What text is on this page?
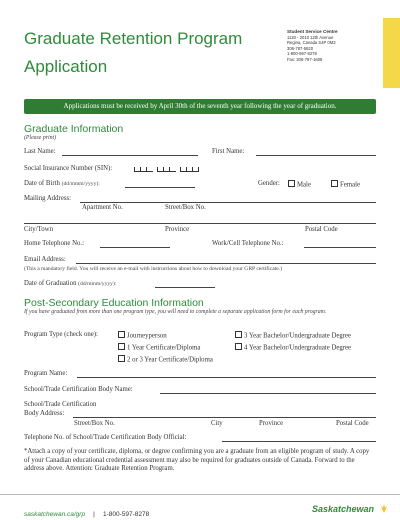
Graduate Retention Program
Application
Student Service Centre
1120 - 2010 12th Avenue
Regina, Canada S4P 0M3
306-787-5620
1-800-597-8278
Fax: 306-787-1608
Applications must be received by April 30th of the seventh year following the year of graduation.
Graduate Information
(Please print)
Last Name:	First Name:
Social Insurance Number (SIN):
Date of Birth (dd/mmm/yyyy):	Gender:	Male	Female
Mailing Address:
Apartment No.	Street/Box No.
City/Town	Province	Postal Code
Home Telephone No.:	Work/Cell Telephone No.:
Email Address:
(This a mandatory field. You will receive an e-mail with instructions about how to download your GRP certificate.)
Date of Graduation (dd/mmm/yyyy):
Post-Secondary Education Information
If you have graduated from more than one program type, you will need to complete a separate application form for each program.
Program Type (check one):	Journeyperson	3 Year Bachelor/Undergraduate Degree
1 Year Certificate/Diploma	4 Year Bachelor/Undergraduate Degree
2 or 3 Year Certificate/Diploma
Program Name:
School/Trade Certification Body Name:
School/Trade Certification
Body Address:
Street/Box No.	City	Province	Postal Code
Telephone No. of School/Trade Certification Body Official:
*Attach a copy of your certificate, diploma, or degree confirming you are a graduate from an eligible program of study. A copy of your Canadian educational credential assessment may also be required for graduates outside of Canada. Forward to the address above. Attention: Graduate Retention Program.
saskatchewan.ca/grp | 1-800-597-8278
Saskatchewan
